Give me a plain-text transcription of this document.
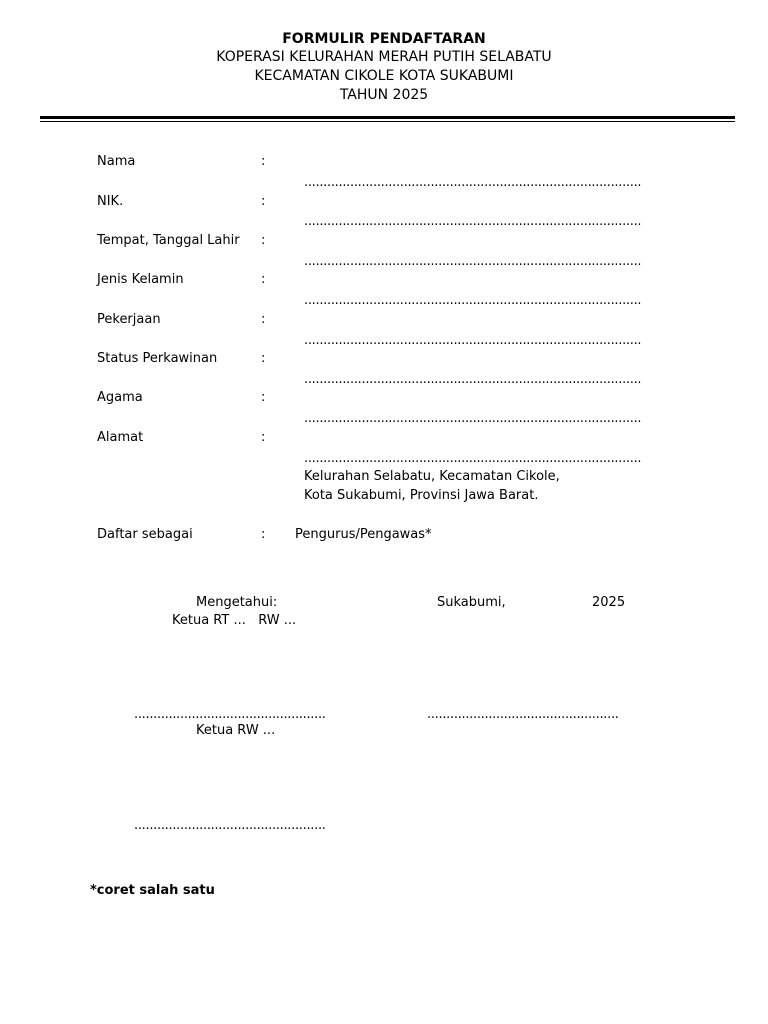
FORMULIR PENDAFTARAN
KOPERASI KELURAHAN MERAH PUTIH SELABATU
KECAMATAN CIKOLE KOTA SUKABUMI
TAHUN 2025
Nama	:
........................................................................................
NIK.	:
........................................................................................
Tempat, Tanggal Lahir :
........................................................................................
Jenis Kelamin	:
........................................................................................
Pekerjaan	:
........................................................................................
Status Perkawinan	:
........................................................................................
Agama	:
........................................................................................
Alamat	:
........................................................................................
Kelurahan Selabatu, Kecamatan Cikole,
Kota Sukabumi, Provinsi Jawa Barat.
Daftar sebagai	: Pengurus/Pengawas*
Mengetahui:
Ketua RT ...   RW ...
Sukabumi,	2025
..................................................	..................................................
Ketua RW ...
..................................................
*coret salah satu
